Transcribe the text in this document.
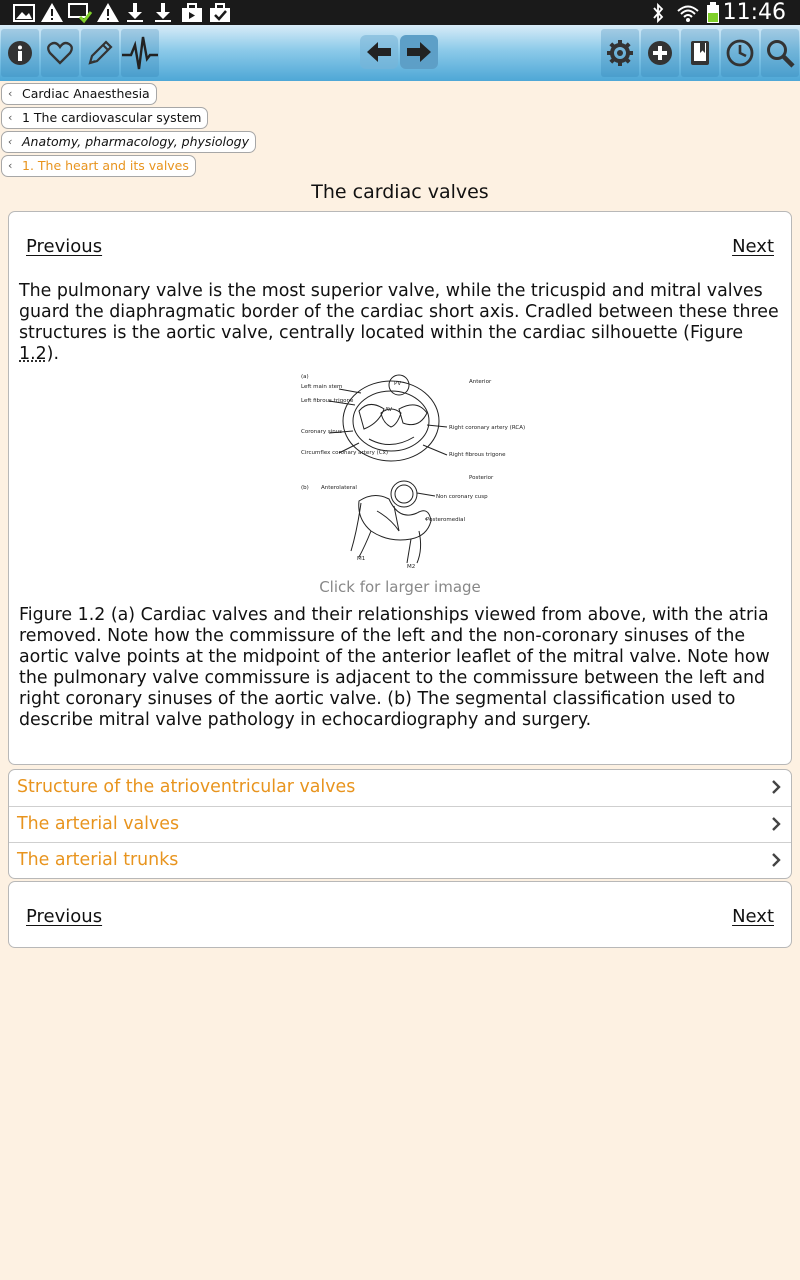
11:46
‹ Cardiac Anaesthesia
‹ 1 The cardiovascular system
‹ Anatomy, pharmacology, physiology
‹ 1. The heart and its valves
The cardiac valves
Previous	Next

The pulmonary valve is the most superior valve, while the tricuspid and mitral valves guard the diaphragmatic border of the cardiac short axis. Cradled between these three structures is the aortic valve, centrally located within the cardiac silhouette (Figure 1.2).

(a)
Anterior
Left main stem
Left fibrous trigone
Coronary sinus
Circumflex coronary artery (Cx)
Right coronary artery (RCA)
Right fibrous trigone
PV
AV
(b)
Posterior
Anterolateral
Non coronary cusp
Posteromedial
M1
M2
Click for larger image

Figure 1.2 (a) Cardiac valves and their relationships viewed from above, with the atria removed. Note how the commissure of the left and the non-coronary sinuses of the aortic valve points at the midpoint of the anterior leaflet of the mitral valve. Note how the pulmonary valve commissure is adjacent to the commissure between the left and right coronary sinuses of the aortic valve. (b) The segmental classification used to describe mitral valve pathology in echocardiography and surgery.

Structure of the atrioventricular valves
The arterial valves
The arterial trunks
Previous	Next
